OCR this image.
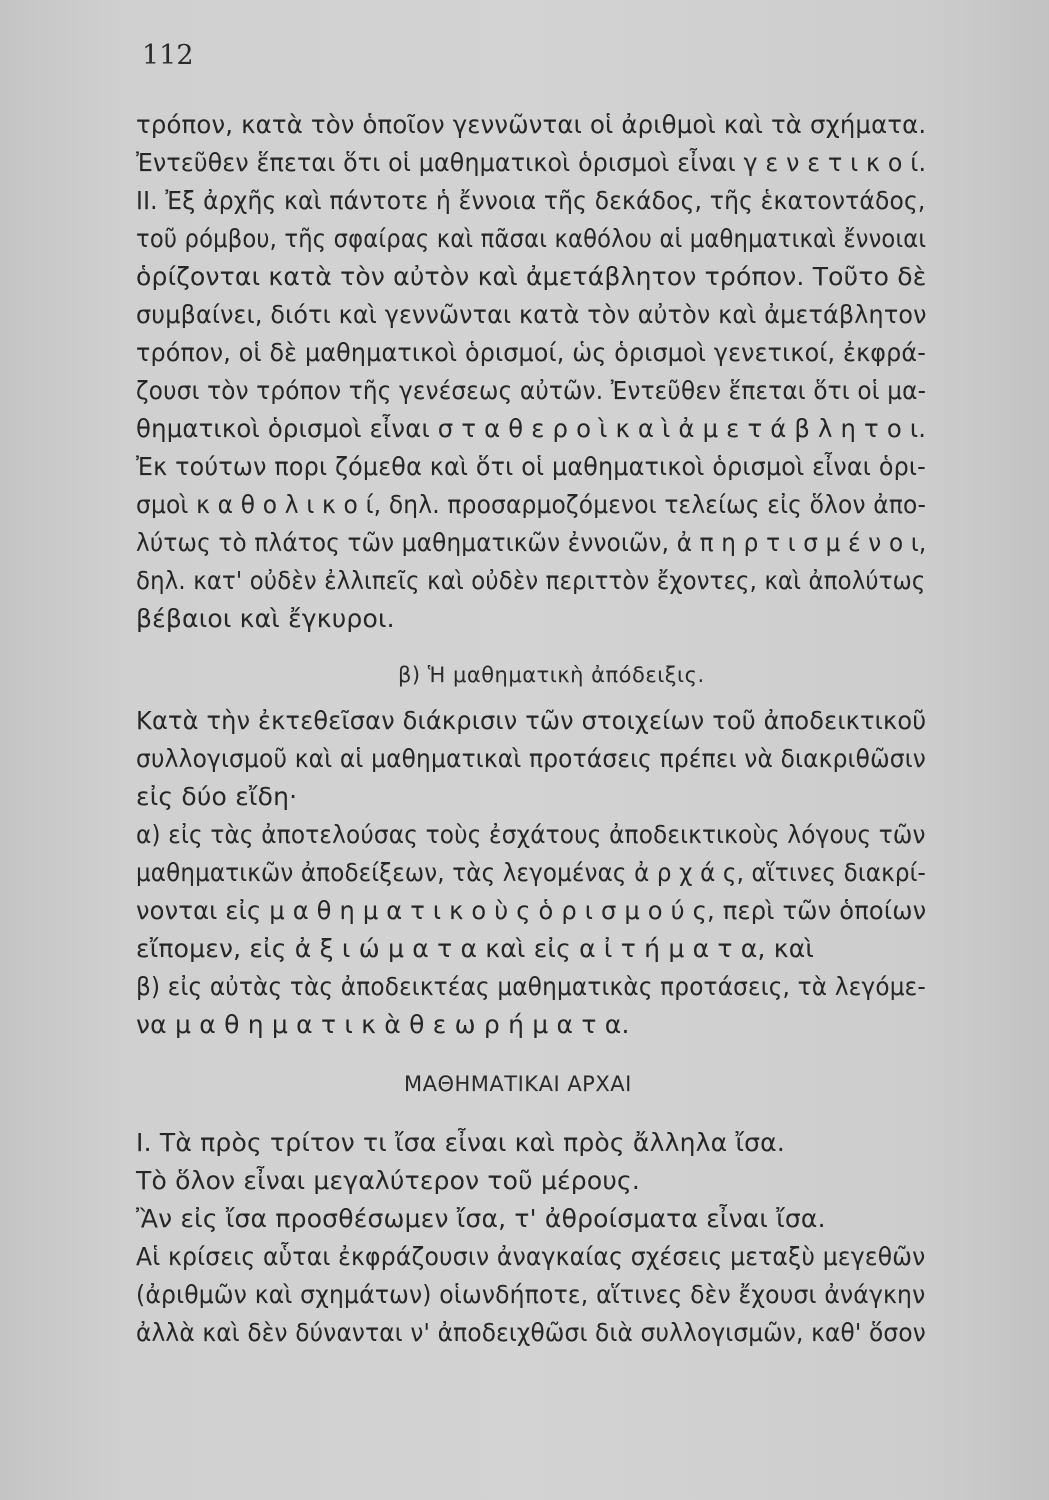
112
τρόπον, κατὰ τὸν ὁποῖον γεννῶνται οἱ ἀριθμοὶ καὶ τὰ σχήματα.
Ἐντεῦθεν ἕπεται ὅτι οἱ μαθηματικοὶ ὁρισμοὶ εἶναι γ ε ν ε τ ι κ ο ί.
ΙΙ. Ἐξ ἀρχῆς καὶ πάντοτε ἡ ἔννοια τῆς δεκάδος, τῆς ἑκατοντάδος,
τοῦ ρόμβου, τῆς σφαίρας καὶ πᾶσαι καθόλου αἱ μαθηματικαὶ ἔννοιαι
ὁρίζονται κατὰ τὸν αὐτὸν καὶ ἀμετάβλητον τρόπον. Τοῦτο δὲ
συμβαίνει, διότι καὶ γεννῶνται κατὰ τὸν αὐτὸν καὶ ἀμετάβλητον
τρόπον, οἱ δὲ μαθηματικοὶ ὁρισμοί, ὡς ὁρισμοὶ γενετικοί, ἐκφρά-
ζουσι τὸν τρόπον τῆς γενέσεως αὐτῶν. Ἐντεῦθεν ἕπεται ὅτι οἱ μα-
θηματικοὶ ὁρισμοὶ εἶναι σ τ α θ ε ρ ο ὶ κ α ὶ ἀ μ ε τ ά β λ η τ ο ι.
Ἐκ τούτων πορι ζόμεθα καὶ ὅτι οἱ μαθηματικοὶ ὁρισμοὶ εἶναι ὁρι-
σμοὶ κ α θ ο λ ι κ ο ί, δηλ. προσαρμοζόμενοι τελείως εἰς ὅλον ἀπο-
λύτως τὸ πλάτος τῶν μαθηματικῶν ἐννοιῶν, ἀ π η ρ τ ι σ μ έ ν ο ι,
δηλ. κατ' οὐδὲν ἐλλιπεῖς καὶ οὐδὲν περιττὸν ἔχοντες, καὶ ἀπολύτως
βέβαιοι καὶ ἔγκυροι.
β) Ἡ μαθηματικὴ ἀπόδειξις.
Κατὰ τὴν ἐκτεθεῖσαν διάκρισιν τῶν στοιχείων τοῦ ἀποδεικτικοῦ
συλλογισμοῦ καὶ αἱ μαθηματικαὶ προτάσεις πρέπει νὰ διακριθῶσιν
εἰς δύο εἴδη·
α) εἰς τὰς ἀποτελούσας τοὺς ἐσχάτους ἀποδεικτικοὺς λόγους τῶν
μαθηματικῶν ἀποδείξεων, τὰς λεγομένας ἀ ρ χ ά ς, αἵτινες διακρί-
νονται εἰς μ α θ η μ α τ ι κ ο ὺ ς ὁ ρ ι σ μ ο ύ ς, περὶ τῶν ὁποίων
εἴπομεν, εἰς ἀ ξ ι ώ μ α τ α καὶ εἰς α ἰ τ ή μ α τ α, καὶ
β) εἰς αὐτὰς τὰς ἀποδεικτέας μαθηματικὰς προτάσεις, τὰ λεγόμε-
να μ α θ η μ α τ ι κ ὰ θ ε ω ρ ή μ α τ α.
ΜΑΘΗΜΑΤΙΚΑΙ ΑΡΧΑΙ
Ι. Τὰ πρὸς τρίτον τι ἴσα εἶναι καὶ πρὸς ἄλληλα ἴσα.
Τὸ ὅλον εἶναι μεγαλύτερον τοῦ μέρους.
Ἂν εἰς ἴσα προσθέσωμεν ἴσα, τ' ἀθροίσματα εἶναι ἴσα.
Αἱ κρίσεις αὗται ἐκφράζουσιν ἀναγκαίας σχέσεις μεταξὺ μεγεθῶν
(ἀριθμῶν καὶ σχημάτων) οἱωνδήποτε, αἵτινες δὲν ἔχουσι ἀνάγκην
ἀλλὰ καὶ δὲν δύνανται ν' ἀποδειχθῶσι διὰ συλλογισμῶν, καθ' ὅσον
